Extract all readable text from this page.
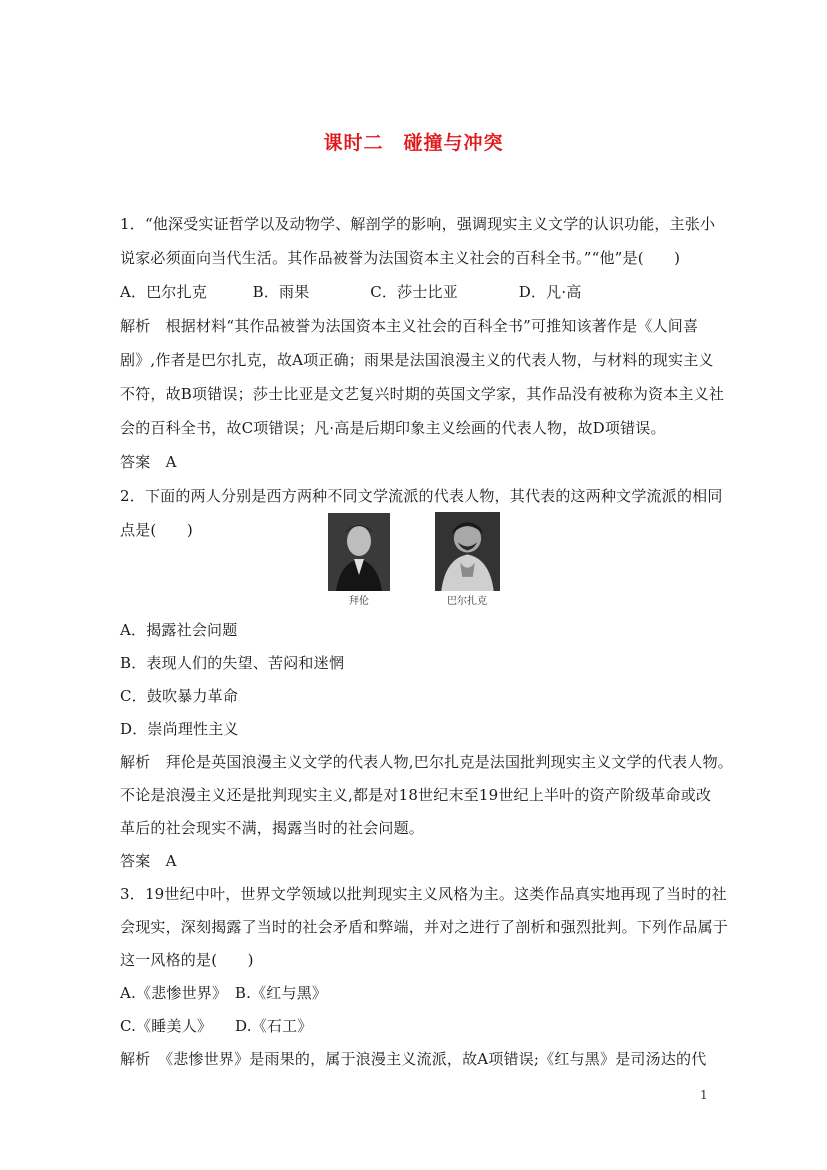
课时二　碰撞与冲突
1．“他深受实证哲学以及动物学、解剖学的影响，强调现实主义文学的认识功能，主张小
说家必须面向当代生活。其作品被誉为法国资本主义社会的百科全书。”“他”是(　　)
A．巴尔扎克　　　B．雨果　　　　C．莎士比亚　　　　D．凡·高
解析　根据材料“其作品被誉为法国资本主义社会的百科全书”可推知该著作是《人间喜
剧》,作者是巴尔扎克，故A项正确；雨果是法国浪漫主义的代表人物，与材料的现实主义
不符，故B项错误；莎士比亚是文艺复兴时期的英国文学家，其作品没有被称为资本主义社
会的百科全书，故C项错误；凡·高是后期印象主义绘画的代表人物，故D项错误。
答案　A
2．下面的两人分别是西方两种不同文学流派的代表人物，其代表的这两种文学流派的相同
点是(　　)
拜伦	巴尔扎克
A．揭露社会问题
B．表现人们的失望、苦闷和迷惘
C．鼓吹暴力革命
D．崇尚理性主义
解析　拜伦是英国浪漫主义文学的代表人物,巴尔扎克是法国批判现实主义文学的代表人物。
不论是浪漫主义还是批判现实主义,都是对18世纪末至19世纪上半叶的资产阶级革命或改
革后的社会现实不满，揭露当时的社会问题。
答案　A
3．19世纪中叶，世界文学领域以批判现实主义风格为主。这类作品真实地再现了当时的社
会现实，深刻揭露了当时的社会矛盾和弊端，并对之进行了剖析和强烈批判。下列作品属于
这一风格的是(　　)
A.《悲惨世界》　B.《红与黑》
C.《睡美人》　　D.《石工》
解析　《悲惨世界》是雨果的，属于浪漫主义流派，故A项错误;《红与黑》是司汤达的代
1
